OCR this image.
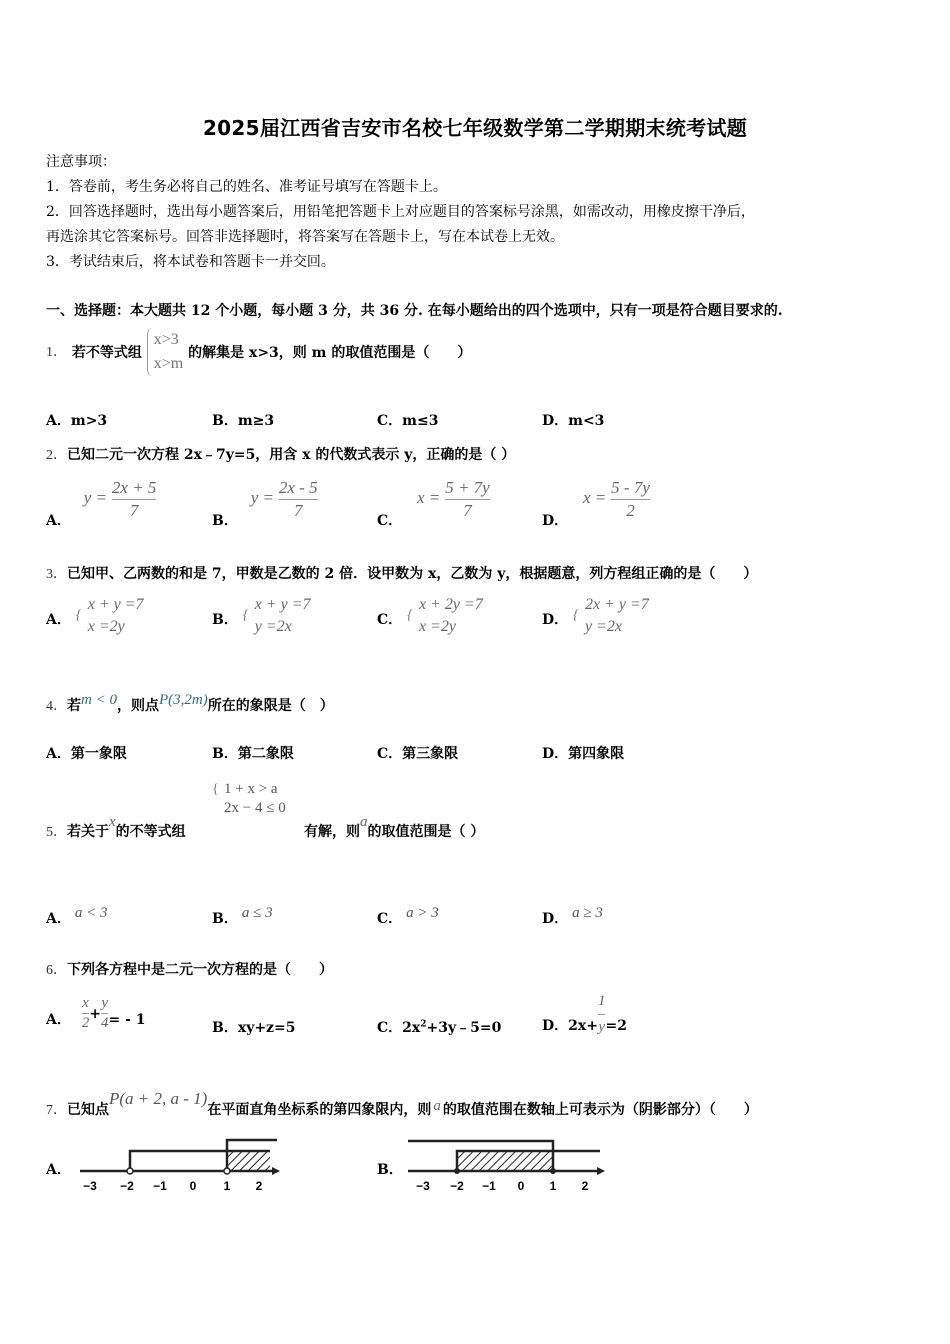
2025届江西省吉安市名校七年级数学第二学期期末统考试题
注意事项：
1．答卷前，考生务必将自己的姓名、准考证号填写在答题卡上。
2．回答选择题时，选出每小题答案后，用铅笔把答题卡上对应题目的答案标号涂黑，如需改动，用橡皮擦干净后，
再选涂其它答案标号。回答非选择题时，将答案写在答题卡上，写在本试卷上无效。
3．考试结束后，将本试卷和答题卡一并交回。
一、选择题：本大题共 12 个小题，每小题 3 分，共 36 分. 在每小题给出的四个选项中，只有一项是符合题目要求的.
1． 若不等式组
x>3
x>m
的解集是 x>3，则 m 的取值范围是（　　）
A．m>3	B．m≥3	C．m≤3	D．m<3
2．已知二元一次方程 2x﹣7y=5，用含 x 的代数式表示 y，正确的是（ ）
A． $y = \frac{2x + 5}{7}$
B． $y = \frac{2x - 5}{7}$
C． $x = \frac{5 + 7y}{7}$
D． $x = \frac{5 - 7y}{2}$
3．已知甲、乙两数的和是 7，甲数是乙数的 2 倍．设甲数为 x，乙数为 y，根据题意，列方程组正确的是（　　）
A． {
x + y =7
x =2y	B． {
x + y =7
y =2x	C． {
x + 2y =7
x =2y	D． {
2x + y =7
y =2x
4．若m < 0，则点P(3,2m)所在的象限是（　）
A．第一象限	B．第二象限	C．第三象限	D．第四象限
5．若关于x的不等式组
{ 1 + x > a
2x − 4 ≤ 0
有解，则a的取值范围是（ ）
A． a < 3	B． a ≤ 3	C． a > 3	D． a ≥ 3
6．下列各方程中是二元一次方程的是（　　）
A． $\frac{x}{2} + \frac{y}{4}$ = - 1
B．xy+z=5	C．$2x^2+3y﹣5=0$	D．$2x+ \frac{1}{y} =2$
7．已知点P(a + 2, a - 1)在平面直角坐标系的第四象限内，则 a 的取值范围在数轴上可表示为（阴影部分）（　　）
A．
−3 −2 −1 0 1 2
B．
−3 −2 −1 0 1 2
